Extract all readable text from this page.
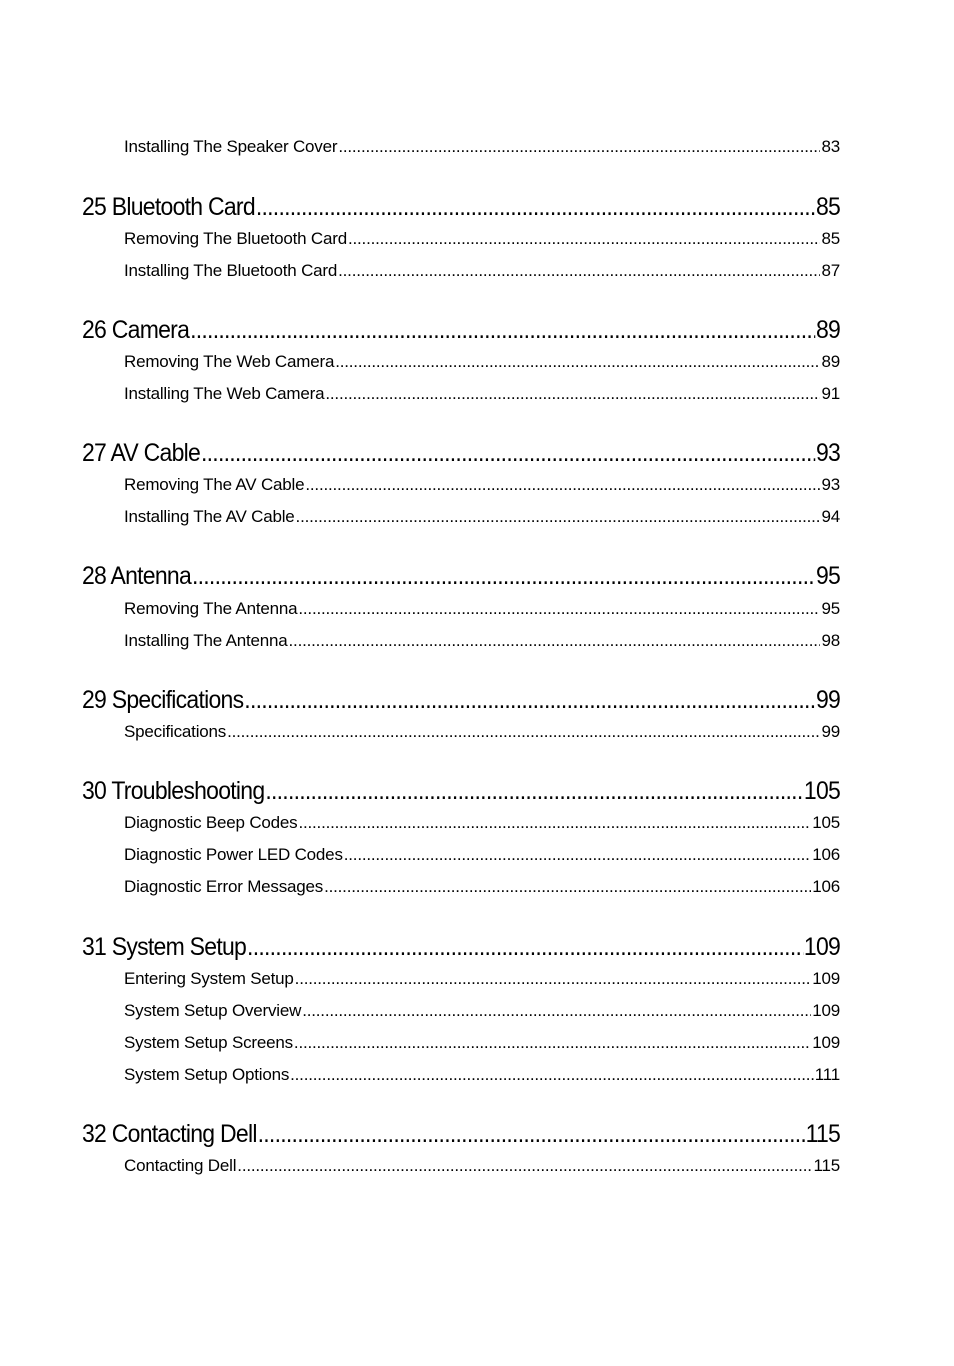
Installing The Speaker Cover .....	83
25 Bluetooth Card .....	85
Removing The Bluetooth Card .....	85
Installing The Bluetooth Card .....	87
26 Camera .....	89
Removing The Web Camera .....	89
Installing The Web Camera .....	91
27 AV Cable .....	93
Removing The AV Cable .....	93
Installing The AV Cable .....	94
28 Antenna .....	95
Removing The Antenna .....	95
Installing The Antenna .....	98
29 Specifications .....	99
Specifications .....	99
30 Troubleshooting .....	105
Diagnostic Beep Codes .....	105
Diagnostic Power LED Codes .....	106
Diagnostic Error Messages .....	106
31 System Setup .....	109
Entering System Setup .....	109
System Setup Overview .....	109
System Setup Screens .....	109
System Setup Options .....	111
32 Contacting Dell .....	115
Contacting Dell .....	115
